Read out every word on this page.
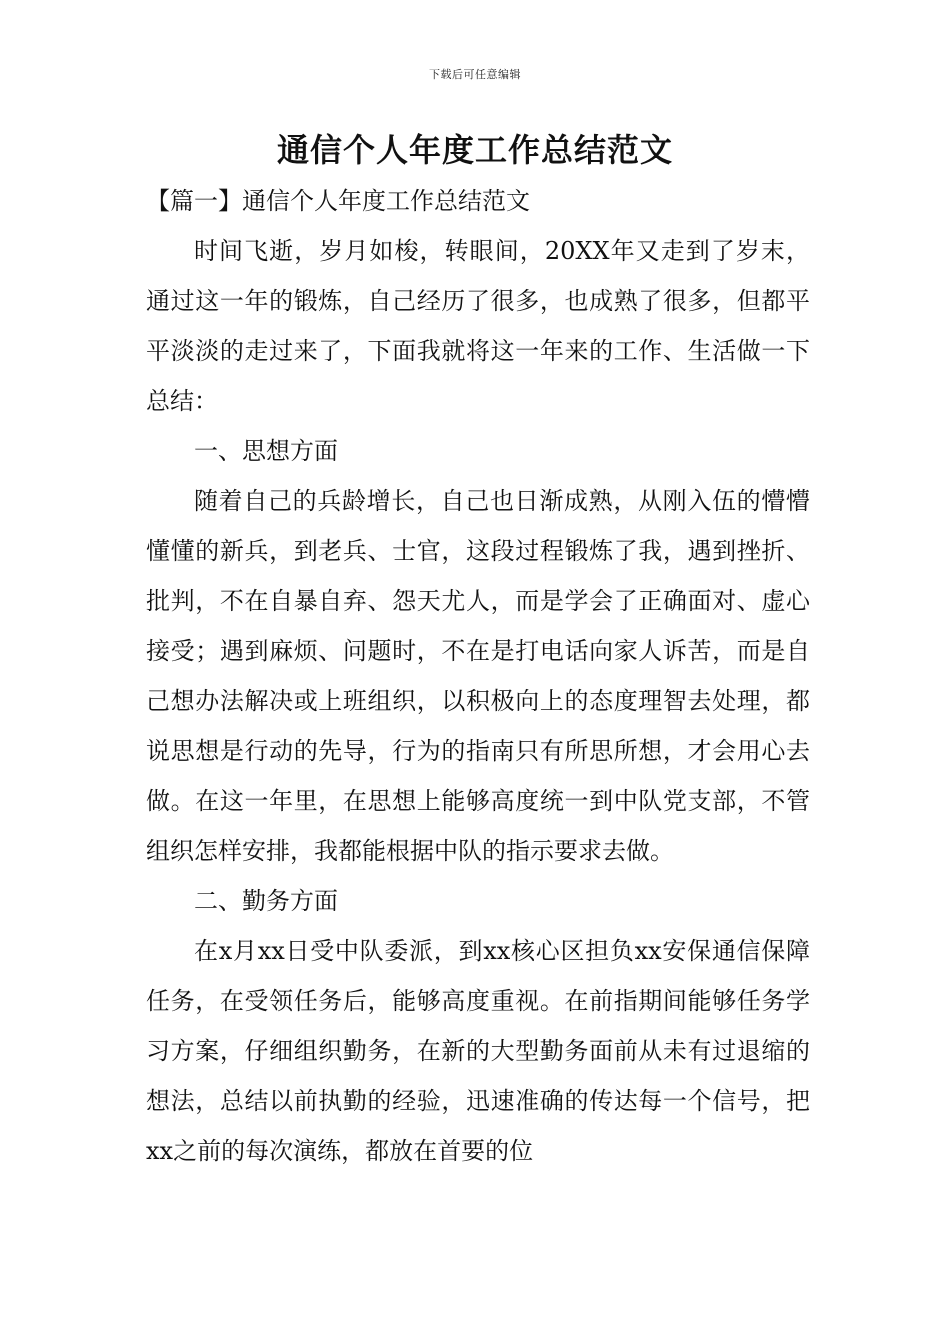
下载后可任意编辑
通信个人年度工作总结范文

【篇一】通信个人年度工作总结范文

时间飞逝，岁月如梭，转眼间，20XX年又走到了岁末，通过这一年的锻炼，自己经历了很多，也成熟了很多，但都平平淡淡的走过来了，下面我就将这一年来的工作、生活做一下总结：

一、思想方面

随着自己的兵龄增长，自己也日渐成熟，从刚入伍的懵懵懂懂的新兵，到老兵、士官，这段过程锻炼了我，遇到挫折、批判，不在自暴自弃、怨天尤人，而是学会了正确面对、虚心接受；遇到麻烦、问题时，不在是打电话向家人诉苦，而是自己想办法解决或上班组织，以积极向上的态度理智去处理，都说思想是行动的先导，行为的指南只有所思所想，才会用心去做。在这一年里，在思想上能够高度统一到中队党支部，不管组织怎样安排，我都能根据中队的指示要求去做。

二、勤务方面

在x月xx日受中队委派，到xx核心区担负xx安保通信保障任务，在受领任务后，能够高度重视。在前指期间能够任务学习方案，仔细组织勤务，在新的大型勤务面前从未有过退缩的想法，总结以前执勤的经验，迅速准确的传达每一个信号，把xx之前的每次演练，都放在首要的位
